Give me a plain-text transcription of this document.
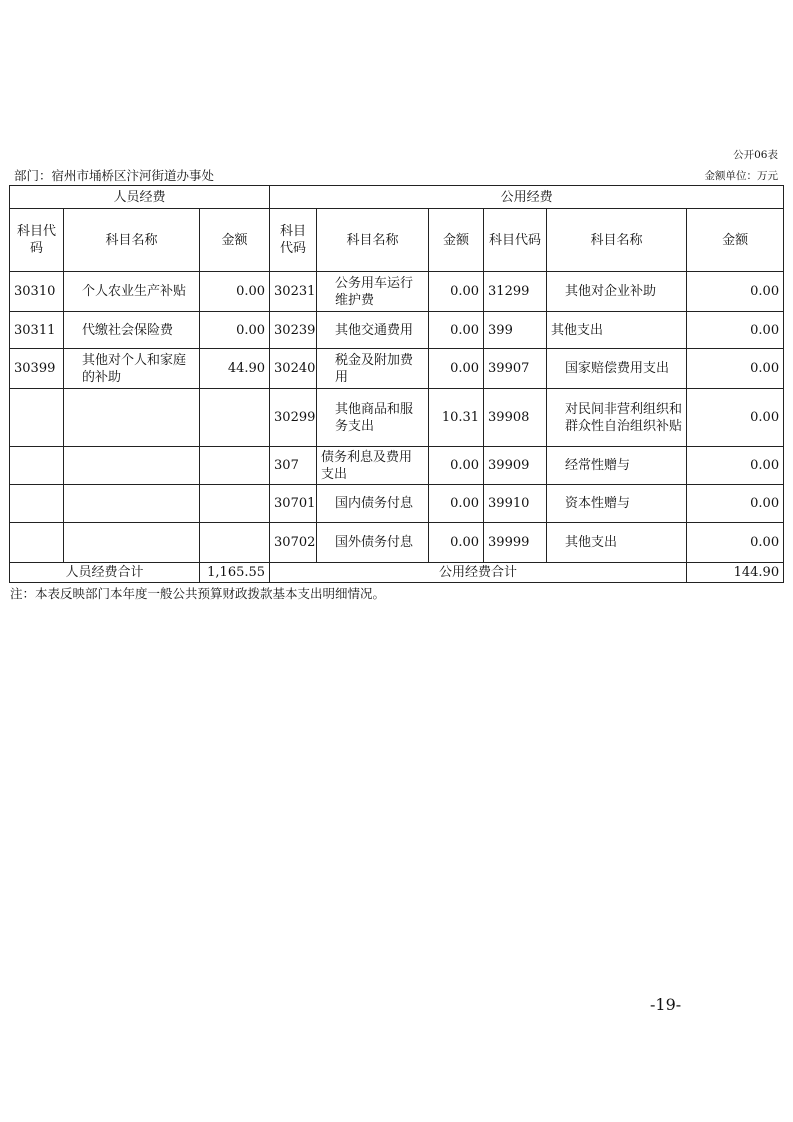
公开06表
部门：宿州市埇桥区汴河街道办事处	金额单位：万元
人员经费			公用经费					
科目代码	科目名称	金额	科目代码	科目名称	金额	科目代码	科目名称	金额
30310	个人农业生产补贴	0.00	30231	公务用车运行维护费	0.00	31299	其他对企业补助	0.00
30311	代缴社会保险费	0.00	30239	其他交通费用	0.00	399	其他支出	0.00
30399	其他对个人和家庭的补助	44.90	30240	税金及附加费用	0.00	39907	国家赔偿费用支出	0.00
			30299	其他商品和服务支出	10.31	39908	对民间非营利组织和群众性自治组织补贴	0.00
			307	债务利息及费用支出	0.00	39909	经常性赠与	0.00
			30701	国内债务付息	0.00	39910	资本性赠与	0.00
			30702	国外债务付息	0.00	39999	其他支出	0.00
人员经费合计		1,165.55	公用经费合计					144.90
注：本表反映部门本年度一般公共预算财政拨款基本支出明细情况。
-19-
